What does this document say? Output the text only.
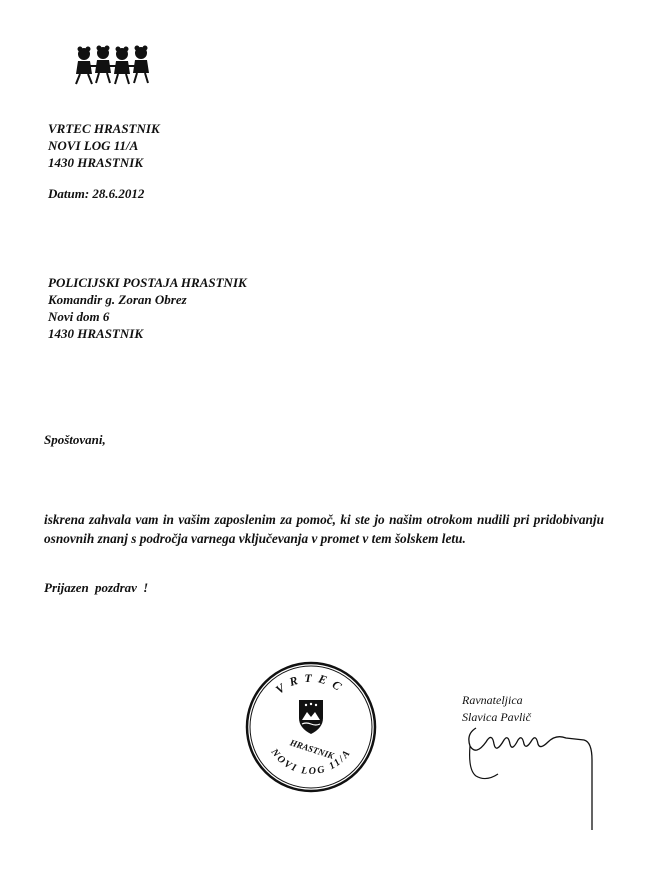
VRTEC HRASTNIK
NOVI LOG 11/A
1430 HRASTNIK
Datum: 28.6.2012
POLICIJSKI POSTAJA HRASTNIK
Komandir g. Zoran Obrez
Novi dom 6
1430 HRASTNIK
Spoštovani,
iskrena zahvala vam in vašim zaposlenim za pomoč, ki ste jo našim otrokom nudili pri pridobivanju osnovnih znanj s področja varnega vključevanja v promet v tem šolskem letu.
Prijazen pozdrav !
VRTEC
NOVI LOG 11/A
HRASTNIK
Ravnateljica
Slavica Pavlič
